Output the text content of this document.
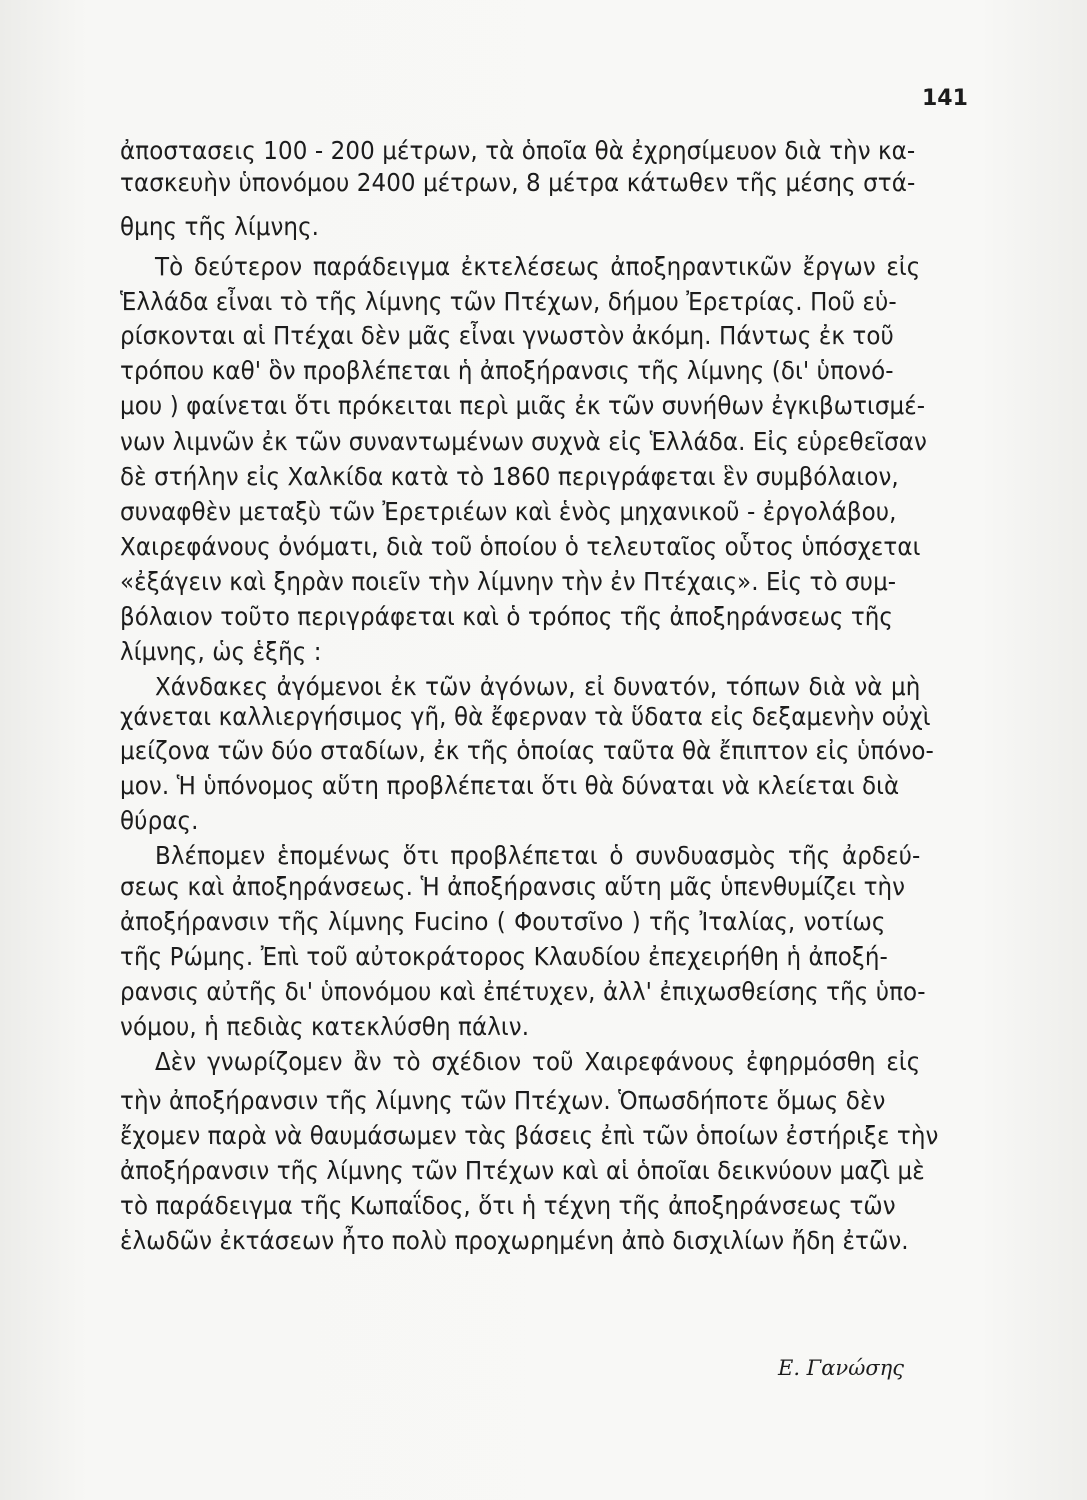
141
ἀποστασεις 100 - 200 μέτρων, τὰ ὁποῖα θὰ ἐχρησίμευον διὰ τὴν κα-
τασκευὴν ὑπονόμου 2400 μέτρων, 8 μέτρα κάτωθεν τῆς μέσης στά-
θμης τῆς λίμνης.
Τὸ δεύτερον παράδειγμα ἐκτελέσεως ἀποξηραντικῶν ἔργων εἰς
Ἑλλάδα εἶναι τὸ τῆς λίμνης τῶν Πτέχων, δήμου Ἐρετρίας. Ποῦ εὑ-
ρίσκονται αἱ Πτέχαι δὲν μᾶς εἶναι γνωστὸν ἀκόμη. Πάντως ἐκ τοῦ
τρόπου καθ' ὃν προβλέπεται ἡ ἀποξήρανσις τῆς λίμνης (δι' ὑπονό-
μου ) φαίνεται ὅτι πρόκειται περὶ μιᾶς ἐκ τῶν συνήθων ἐγκιβωτισμέ-
νων λιμνῶν ἐκ τῶν συναντωμένων συχνὰ εἰς Ἑλλάδα. Εἰς εὑρεθεῖσαν
δὲ στήλην εἰς Χαλκίδα κατὰ τὸ 1860 περιγράφεται ἓν συμβόλαιον,
συναφθὲν μεταξὺ τῶν Ἐρετριέων καὶ ἑνὸς μηχανικοῦ - ἐργολάβου,
Χαιρεφάνους ὀνόματι, διὰ τοῦ ὁποίου ὁ τελευταῖος οὗτος ὑπόσχεται
«ἐξάγειν καὶ ξηρὰν ποιεῖν τὴν λίμνην τὴν ἐν Πτέχαις». Εἰς τὸ συμ-
βόλαιον τοῦτο περιγράφεται καὶ ὁ τρόπος τῆς ἀποξηράνσεως τῆς
λίμνης, ὡς ἑξῆς :
Χάνδακες ἀγόμενοι ἐκ τῶν ἀγόνων, εἰ δυνατόν, τόπων διὰ νὰ μὴ
χάνεται καλλιεργήσιμος γῆ, θὰ ἔφερναν τὰ ὕδατα εἰς δεξαμενὴν οὐχὶ
μείζονα τῶν δύο σταδίων, ἐκ τῆς ὁποίας ταῦτα θὰ ἔπιπτον εἰς ὑπόνο-
μον. Ἡ ὑπόνομος αὕτη προβλέπεται ὅτι θὰ δύναται νὰ κλείεται διὰ
θύρας.
Βλέπομεν ἑπομένως ὅτι προβλέπεται ὁ συνδυασμὸς τῆς ἀρδεύ-
σεως καὶ ἀποξηράνσεως. Ἡ ἀποξήρανσις αὕτη μᾶς ὑπενθυμίζει τὴν
ἀποξήρανσιν τῆς λίμνης Fucino ( Φουτσῖνο ) τῆς Ἰταλίας, νοτίως
τῆς Ρώμης. Ἐπὶ τοῦ αὐτοκράτορος Κλαυδίου ἐπεχειρήθη ἡ ἀποξή-
ρανσις αὐτῆς δι' ὑπονόμου καὶ ἐπέτυχεν, ἀλλ' ἐπιχωσθείσης τῆς ὑπο-
νόμου, ἡ πεδιὰς κατεκλύσθη πάλιν.
Δὲν γνωρίζομεν ἂν τὸ σχέδιον τοῦ Χαιρεφάνους ἐφηρμόσθη εἰς
τὴν ἀποξήρανσιν τῆς λίμνης τῶν Πτέχων. Ὁπωσδήποτε ὅμως δὲν
ἔχομεν παρὰ νὰ θαυμάσωμεν τὰς βάσεις ἐπὶ τῶν ὁποίων ἐστήριξε τὴν
ἀποξήρανσιν τῆς λίμνης τῶν Πτέχων καὶ αἱ ὁποῖαι δεικνύουν μαζὶ μὲ
τὸ παράδειγμα τῆς Κωπαΐδος, ὅτι ἡ τέχνη τῆς ἀποξηράνσεως τῶν
ἑλωδῶν ἐκτάσεων ἦτο πολὺ προχωρημένη ἀπὸ δισχιλίων ἤδη ἐτῶν.
Ε. Γανώσης
